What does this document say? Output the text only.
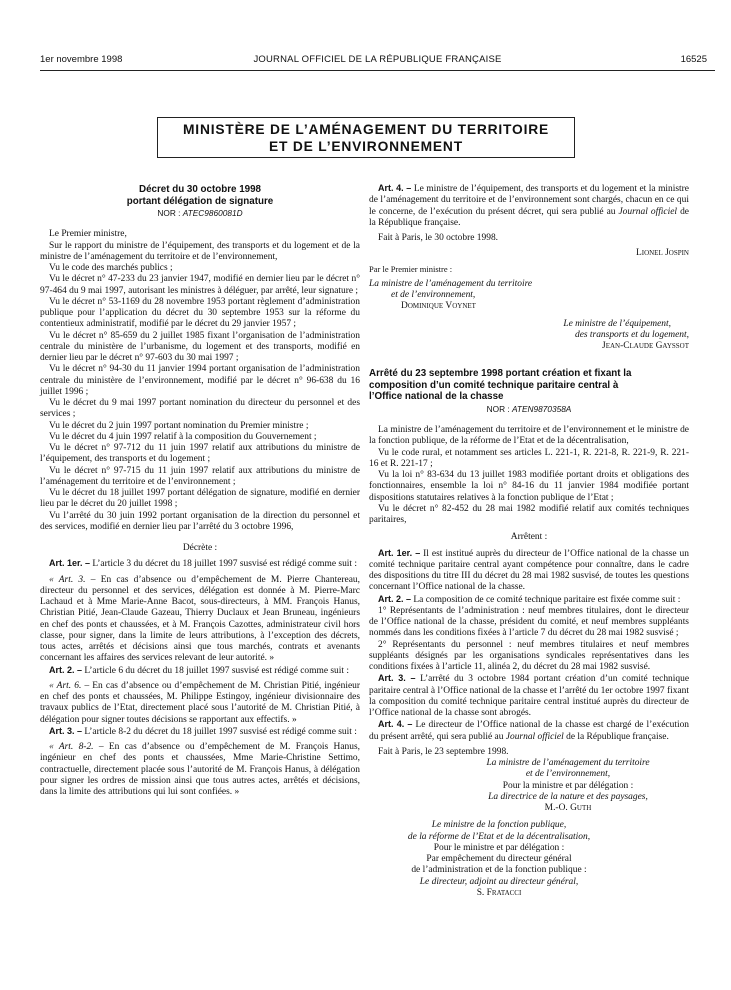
1er novembre 1998	JOURNAL OFFICIEL DE LA RÉPUBLIQUE FRANÇAISE	16525
MINISTÈRE DE L’AMÉNAGEMENT DU TERRITOIRE
ET DE L’ENVIRONNEMENT

Décret du 30 octobre 1998

portant délégation de signature

NOR : ATEC9860081D

Le Premier ministre,

Sur le rapport du ministre de l’équipement, des transports et du logement et de la ministre de l’aménagement du territoire et de l’environnement,

Vu le code des marchés publics ;

Vu le décret n° 47-233 du 23 janvier 1947, modifié en dernier lieu par le décret n° 97-464 du 9 mai 1997, autorisant les ministres à déléguer, par arrêté, leur signature ;

Vu le décret n° 53-1169 du 28 novembre 1953 portant règlement d’administration publique pour l’application du décret du 30 septembre 1953 sur la réforme du contentieux administratif, modifié par le décret du 29 janvier 1957 ;

Vu le décret n° 85-659 du 2 juillet 1985 fixant l’organisation de l’administration centrale du ministère de l’urbanisme, du logement et des transports, modifié en dernier lieu par le décret n° 97-603 du 30 mai 1997 ;

Vu le décret n° 94-30 du 11 janvier 1994 portant organisation de l’administration centrale du ministère de l’environnement, modifié par le décret n° 96-638 du 16 juillet 1996 ;

Vu le décret du 9 mai 1997 portant nomination du directeur du personnel et des services ;

Vu le décret du 2 juin 1997 portant nomination du Premier ministre ;

Vu le décret du 4 juin 1997 relatif à la composition du Gouvernement ;

Vu le décret n° 97-712 du 11 juin 1997 relatif aux attributions du ministre de l’équipement, des transports et du logement ;

Vu le décret n° 97-715 du 11 juin 1997 relatif aux attributions du ministre de l’aménagement du territoire et de l’environnement ;

Vu le décret du 18 juillet 1997 portant délégation de signature, modifié en dernier lieu par le décret du 20 juillet 1998 ;

Vu l’arrêté du 30 juin 1992 portant organisation de la direction du personnel et des services, modifié en dernier lieu par l’arrêté du 3 octobre 1996,

Décrète :

Art. 1er. – L’article 3 du décret du 18 juillet 1997 susvisé est rédigé comme suit :

« Art. 3. – En cas d’absence ou d’empêchement de M. Pierre Chantereau, directeur du personnel et des services, délégation est donnée à M. Pierre-Marc Lachaud et à Mme Marie-Anne Bacot, sous-directeurs, à MM. François Hanus, Christian Pitié, Jean-Claude Gazeau, Thierry Duclaux et Jean Bruneau, ingénieurs en chef des ponts et chaussées, et à M. François Cazottes, administrateur civil hors classe, pour signer, dans la limite de leurs attributions, à l’exception des décrets, tous actes, arrêtés et décisions ainsi que tous marchés, contrats et avenants concernant les affaires des services relevant de leur autorité. »

Art. 2. – L’article 6 du décret du 18 juillet 1997 susvisé est rédigé comme suit :

« Art. 6. – En cas d’absence ou d’empêchement de M. Christian Pitié, ingénieur en chef des ponts et chaussées, M. Philippe Estingoy, ingénieur divisionnaire des travaux publics de l’Etat, directement placé sous l’autorité de M. Christian Pitié, à délégation pour signer toutes décisions se rapportant aux effectifs. »

Art. 3. – L’article 8-2 du décret du 18 juillet 1997 susvisé est rédigé comme suit :

« Art. 8-2. – En cas d’absence ou d’empêchement de M. François Hanus, ingénieur en chef des ponts et chaussées, Mme Marie-Christine Settimo, contractuelle, directement placée sous l’autorité de M. François Hanus, à délégation pour signer les ordres de mission ainsi que tous autres actes, arrêtés et décisions, dans la limite des attributions qui lui sont confiées. »

Art. 4. – Le ministre de l’équipement, des transports et du logement et la ministre de l’aménagement du territoire et de l’environnement sont chargés, chacun en ce qui le concerne, de l’exécution du présent décret, qui sera publié au Journal officiel de la République française.

Fait à Paris, le 30 octobre 1998.

Lionel Jospin

Par le Premier ministre :

La ministre de l’aménagement du territoire

et de l’environnement,

Dominique Voynet

Le ministre de l’équipement,

des transports et du logement,

Jean-Claude Gayssot

Arrêté du 23 septembre 1998 portant création et fixant la

composition d’un comité technique paritaire central à

l’Office national de la chasse

NOR : ATEN9870358A

La ministre de l’aménagement du territoire et de l’environnement et le ministre de la fonction publique, de la réforme de l’Etat et de la décentralisation,

Vu le code rural, et notamment ses articles L. 221-1, R. 221-8, R. 221-9, R. 221-16 et R. 221-17 ;

Vu la loi n° 83-634 du 13 juillet 1983 modifiée portant droits et obligations des fonctionnaires, ensemble la loi n° 84-16 du 11 janvier 1984 modifiée portant dispositions statutaires relatives à la fonction publique de l’Etat ;

Vu le décret n° 82-452 du 28 mai 1982 modifié relatif aux comités techniques paritaires,

Arrêtent :

Art. 1er. – Il est institué auprès du directeur de l’Office national de la chasse un comité technique paritaire central ayant compétence pour connaître, dans le cadre des dispositions du titre III du décret du 28 mai 1982 susvisé, de toutes les questions concernant l’Office national de la chasse.

Art. 2. – La composition de ce comité technique paritaire est fixée comme suit :

1° Représentants de l’administration : neuf membres titulaires, dont le directeur de l’Office national de la chasse, président du comité, et neuf membres suppléants nommés dans les conditions fixées à l’article 7 du décret du 28 mai 1982 susvisé ;

2° Représentants du personnel : neuf membres titulaires et neuf membres suppléants désignés par les organisations syndicales représentatives dans les conditions fixées à l’article 11, alinéa 2, du décret du 28 mai 1982 susvisé.

Art. 3. – L’arrêté du 3 octobre 1984 portant création d’un comité technique paritaire central à l’Office national de la chasse et l’arrêté du 1er octobre 1997 fixant la composition du comité technique paritaire central institué auprès du directeur de l’Office national de la chasse sont abrogés.

Art. 4. – Le directeur de l’Office national de la chasse est chargé de l’exécution du présent arrêté, qui sera publié au Journal officiel de la République française.

Fait à Paris, le 23 septembre 1998.

La ministre de l’aménagement du territoire
et de l’environnement,
Pour la ministre et par délégation :
La directrice de la nature et des paysages,
M.-O. Guth
Le ministre de la fonction publique,
de la réforme de l’Etat et de la décentralisation,
Pour le ministre et par délégation :
Par empêchement du directeur général
de l’administration et de la fonction publique :
Le directeur, adjoint au directeur général,
S. Fratacci
